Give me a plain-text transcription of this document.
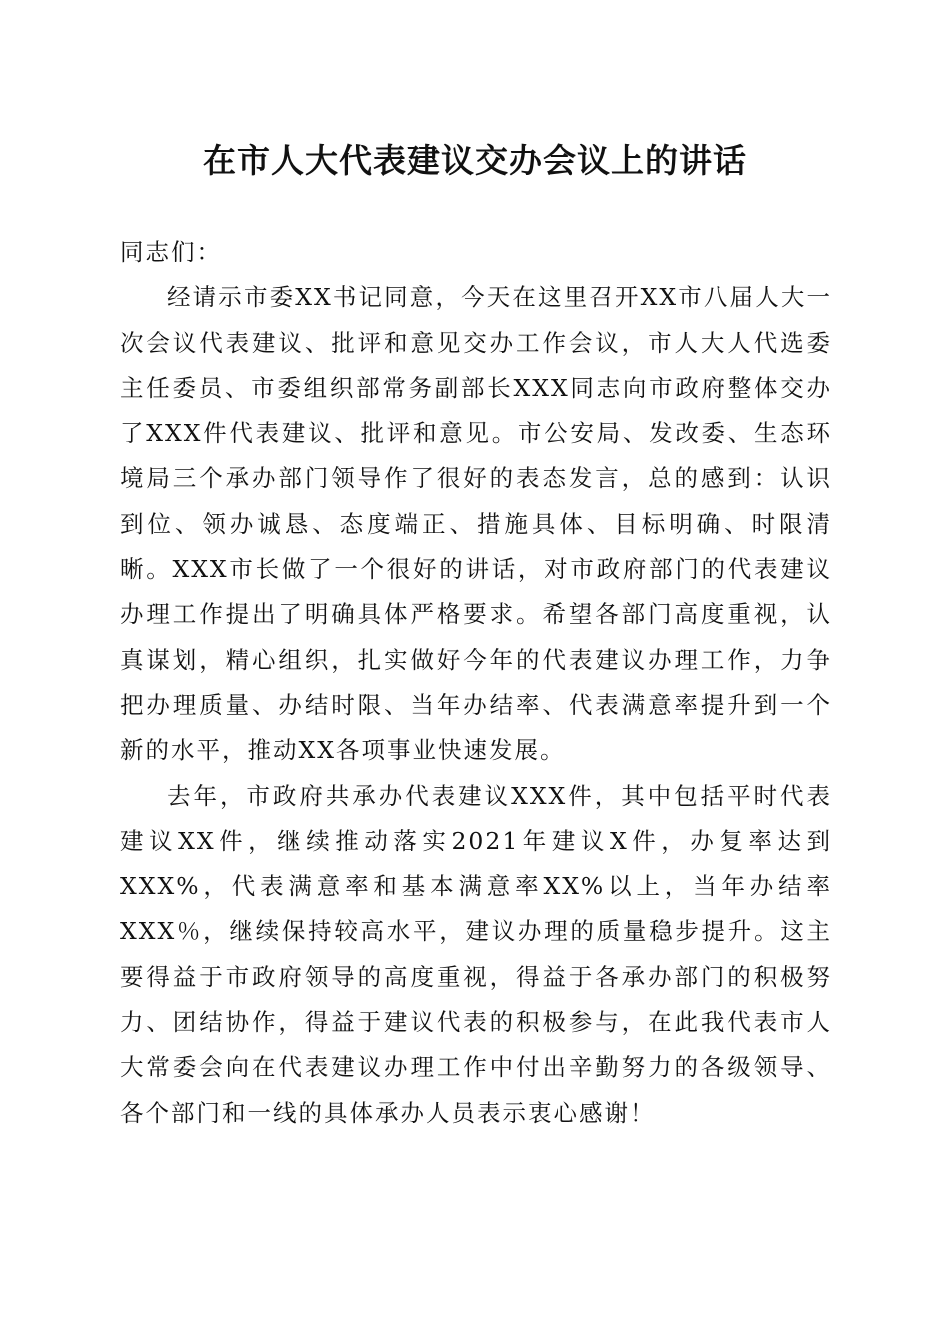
在市人大代表建议交办会议上的讲话

同志们：

经请示市委XX书记同意，今天在这里召开XX市八届人大一次会议代表建议、批评和意见交办工作会议，市人大人代选委主任委员、市委组织部常务副部长XXX同志向市政府整体交办了XXX件代表建议、批评和意见。市公安局、发改委、生态环境局三个承办部门领导作了很好的表态发言，总的感到：认识到位、领办诚恳、态度端正、措施具体、目标明确、时限清晰。XXX市长做了一个很好的讲话，对市政府部门的代表建议办理工作提出了明确具体严格要求。希望各部门高度重视，认真谋划，精心组织，扎实做好今年的代表建议办理工作，力争把办理质量、办结时限、当年办结率、代表满意率提升到一个新的水平，推动XX各项事业快速发展。

去年，市政府共承办代表建议XXX件，其中包括平时代表建议XX件，继续推动落实2021年建议X件，办复率达到XXX%，代表满意率和基本满意率XX%以上，当年办结率XXX％，继续保持较高水平，建议办理的质量稳步提升。这主要得益于市政府领导的高度重视，得益于各承办部门的积极努力、团结协作，得益于建议代表的积极参与，在此我代表市人大常委会向在代表建议办理工作中付出辛勤努力的各级领导、各个部门和一线的具体承办人员表示衷心感谢！
